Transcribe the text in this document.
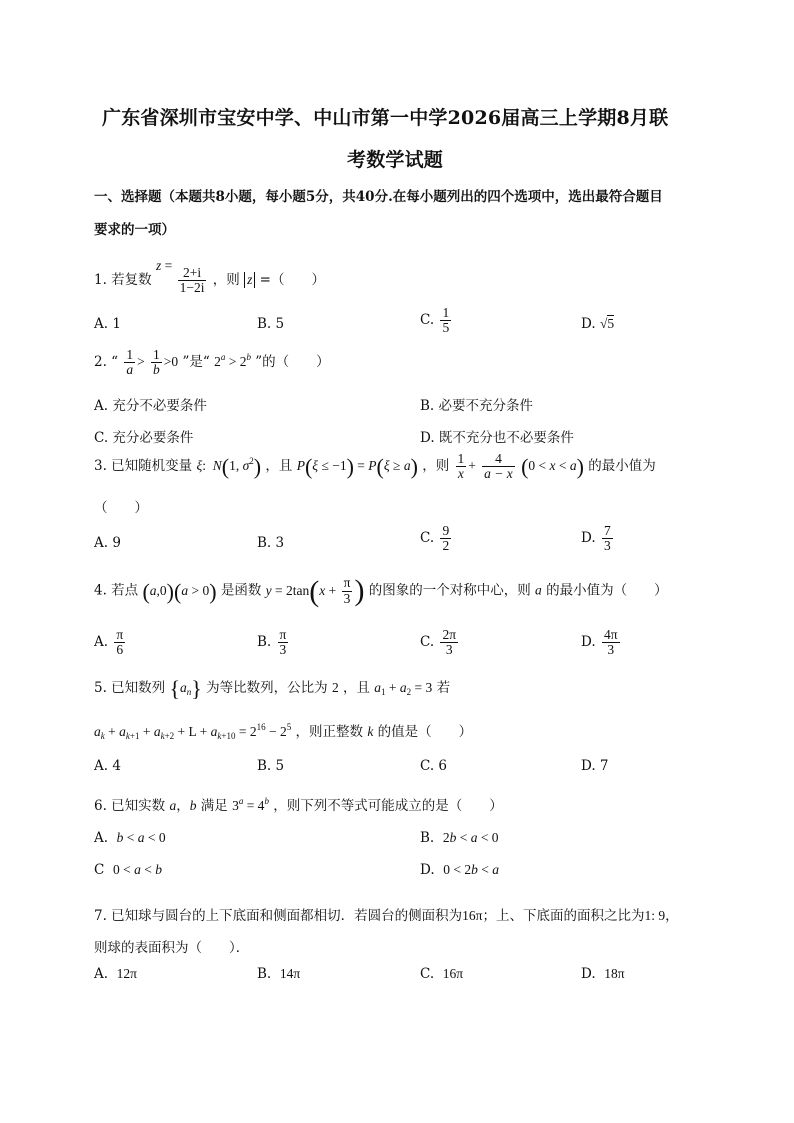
广东省深圳市宝安中学、中山市第一中学2026届高三上学期8月联
考数学试题
一、选择题（本题共8小题，每小题5分，共40分.在每小题列出的四个选项中，选出最符合题目
要求的一项）
1. 若复数 z =
$\frac{2+i}{1-2i}$ ，则 z =（　　）
A. 1	B. 5	C. $\frac{1}{5}$	D. √5
2. “ $\frac{1}{a} > \frac{1}{b} >0$ ”是“ $2^a > 2^b$ ”的（　　）
A. 充分不必要条件	B. 必要不充分条件
C. 充分必要条件	D. 既不充分也不必要条件
3. 已知随机变量 ξ:  N(1, $\sigma^2$) ，且 P(ξ ≤ −1) = P(ξ ≥ a) ，则 $\frac{1}{x} + \frac{4}{a - x} (0 < x < a)$ 的最小值为
（　　）
A. 9	B. 3	C. $\frac{9}{2}$	D. $\frac{7}{3}$
4. 若点 (a,0)(a > 0) 是函数 $y = 2\tan(x + \frac{\pi}{3}$ ) 的图象的一个对称中心，则 a 的最小值为（　　）
A. $\frac{\pi}{6}$	B. $\frac{\pi}{3}$	C. $\frac{2\pi}{3}$	D. $\frac{4\pi}{3}$
5. 已知数列 $\{a_n\}$ 为等比数列，公比为 2 ，且 $a_1 + a_2 = 3$ 若
$a_k + a_{k+1} + a_{k+2} + L + a_{k+10} = 2^{16} - 2^5$ ，则正整数 k 的值是（　　）
A. 4	B. 5	C. 6	D. 7
6. 已知实数 a，b 满足 $3^a = 4^b$ ，则下列不等式可能成立的是（　　）
A. b < a < 0	B. 2b < a < 0
C 0 < a < b	D. 0 < 2b < a
7. 已知球与圆台的上下底面和侧面都相切．若圆台的侧面积为16π；上、下底面的面积之比为1: 9，
则球的表面积为（　　）．
A. 12π	B. 14π	C. 16π	D. 18π
